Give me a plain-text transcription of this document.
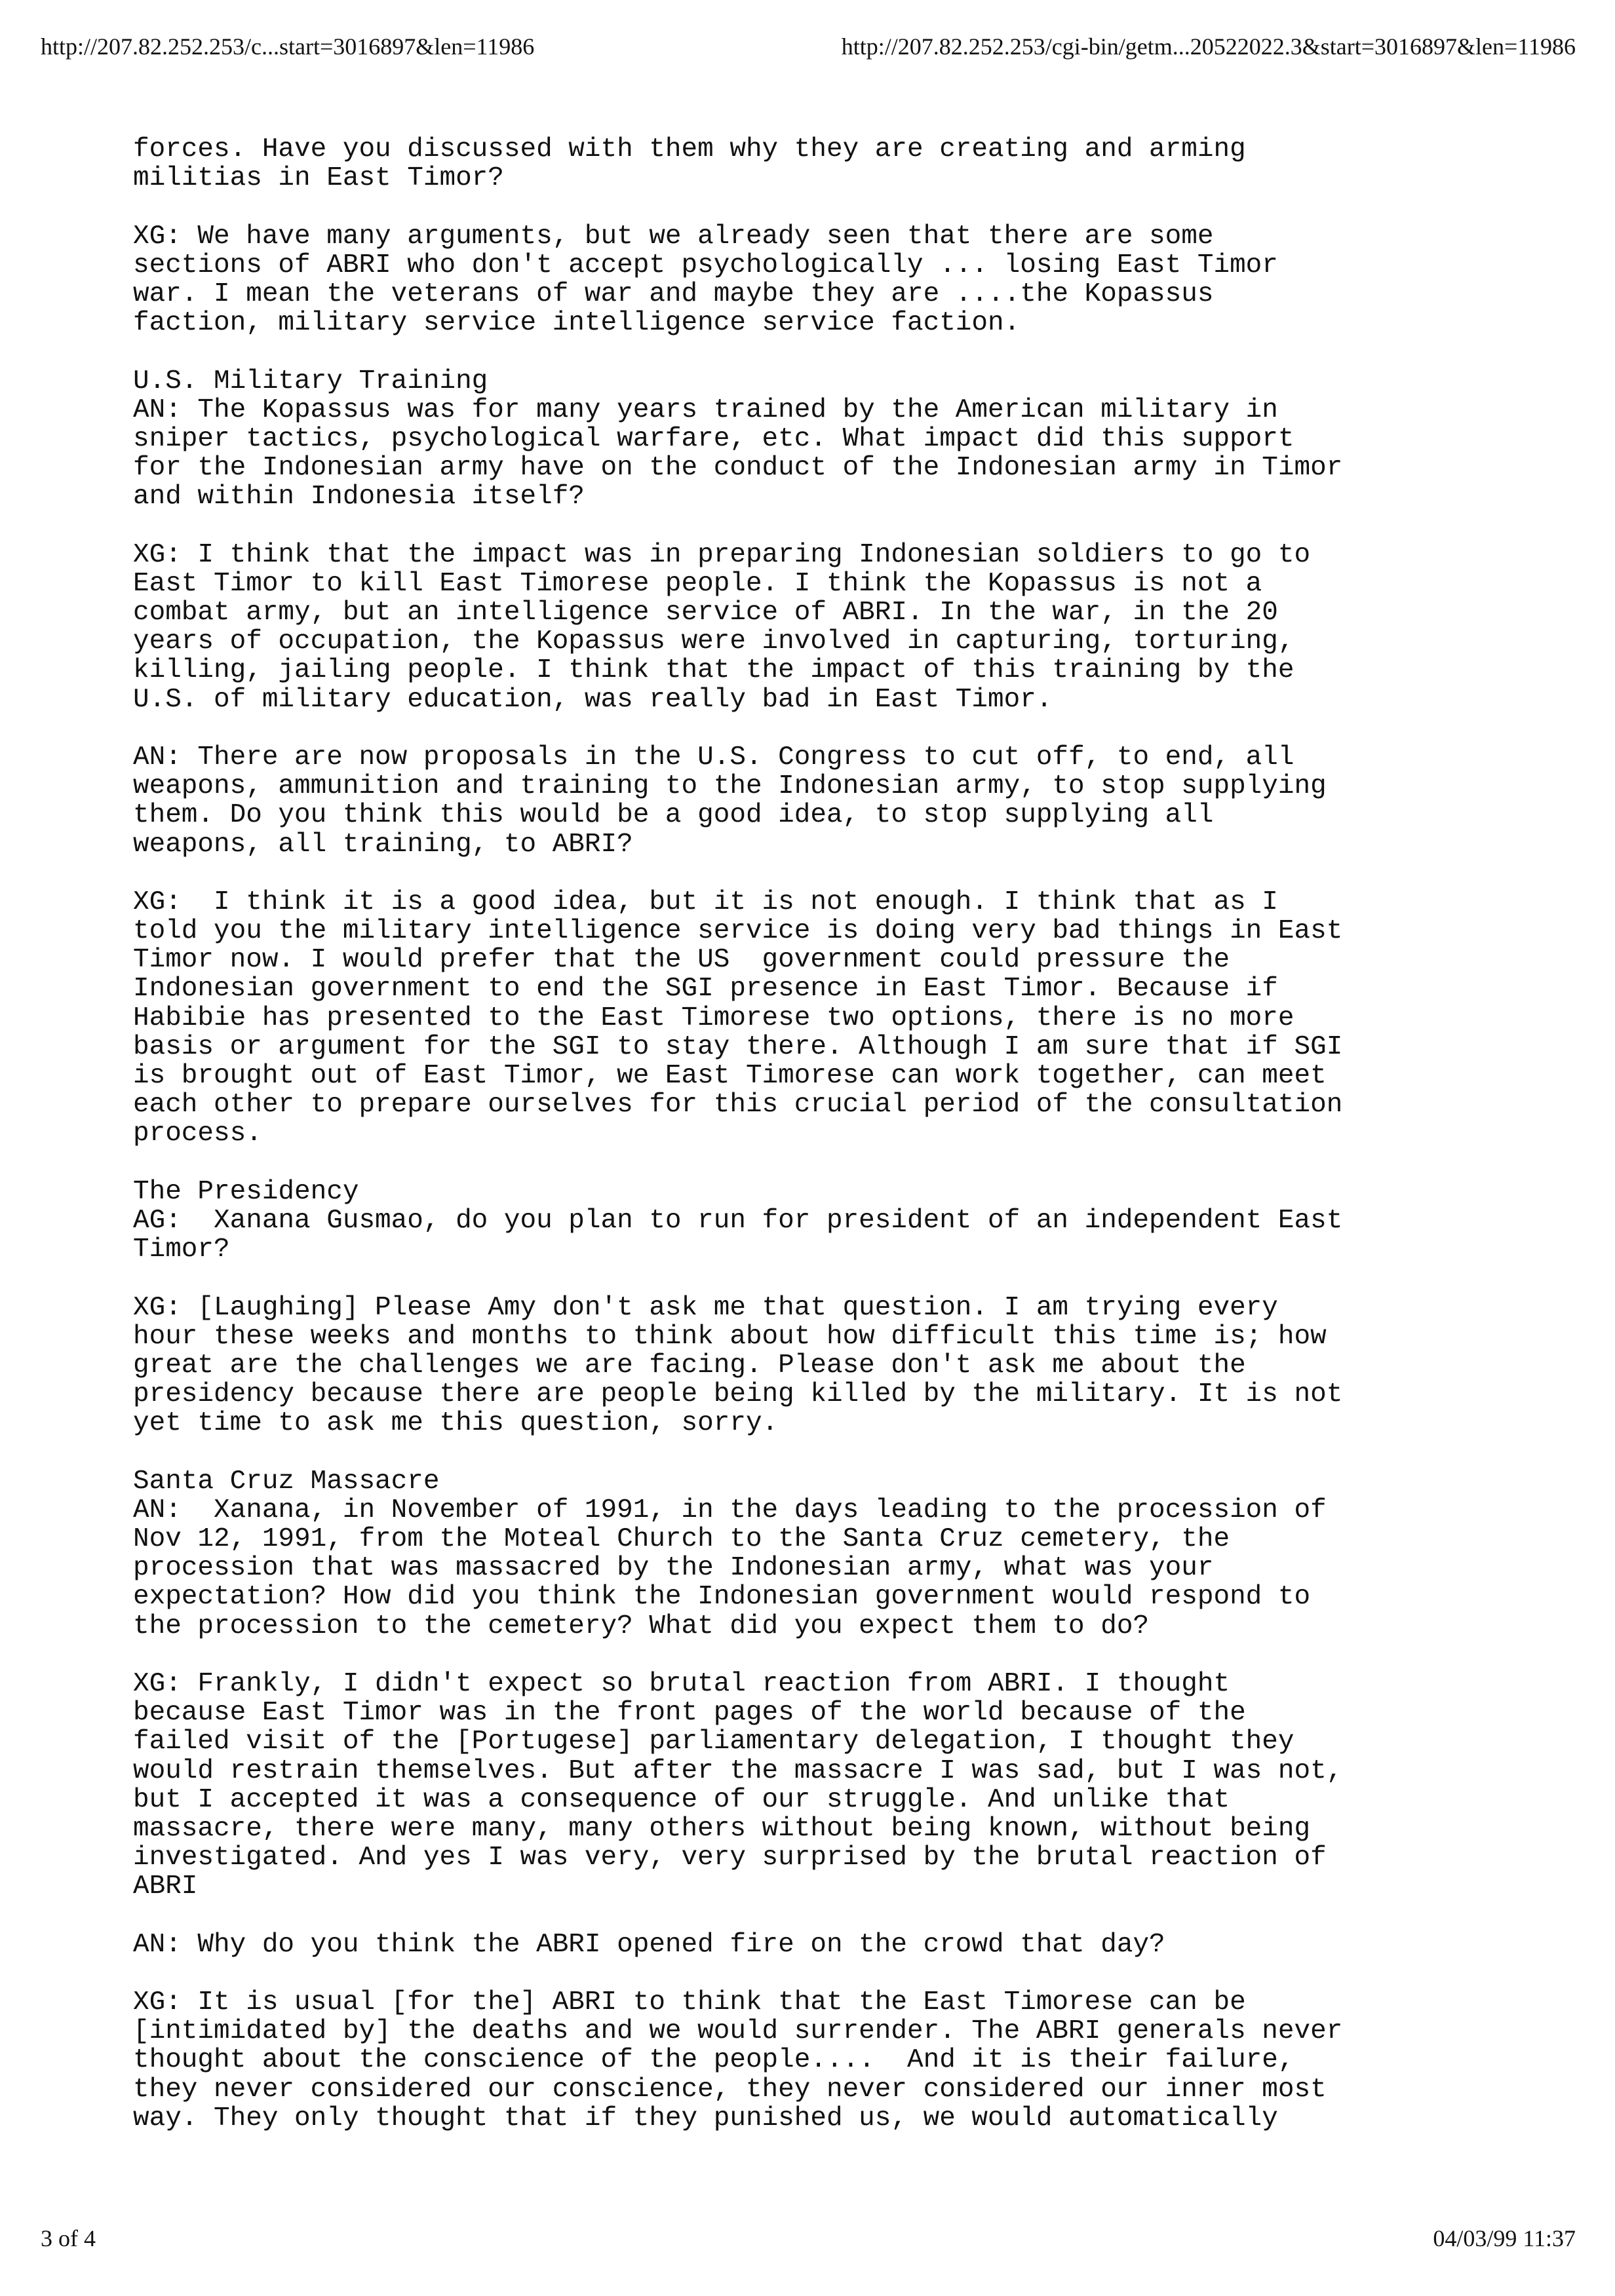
http://207.82.252.253/c...start=3016897&len=11986	http://207.82.252.253/cgi-bin/getm...20522022.3&start=3016897&len=11986
forces. Have you discussed with them why they are creating and arming
militias in East Timor?
XG: We have many arguments, but we already seen that there are some
sections of ABRI who don't accept psychologically ... losing East Timor
war. I mean the veterans of war and maybe they are ....the Kopassus
faction, military service intelligence service faction.
U.S. Military Training
AN: The Kopassus was for many years trained by the American military in
sniper tactics, psychological warfare, etc. What impact did this support
for the Indonesian army have on the conduct of the Indonesian army in Timor
and within Indonesia itself?
XG: I think that the impact was in preparing Indonesian soldiers to go to
East Timor to kill East Timorese people. I think the Kopassus is not a
combat army, but an intelligence service of ABRI. In the war, in the 20
years of occupation, the Kopassus were involved in capturing, torturing,
killing, jailing people. I think that the impact of this training by the
U.S. of military education, was really bad in East Timor.
AN: There are now proposals in the U.S. Congress to cut off, to end, all
weapons, ammunition and training to the Indonesian army, to stop supplying
them. Do you think this would be a good idea, to stop supplying all
weapons, all training, to ABRI?
XG:  I think it is a good idea, but it is not enough. I think that as I
told you the military intelligence service is doing very bad things in East
Timor now. I would prefer that the US  government could pressure the
Indonesian government to end the SGI presence in East Timor. Because if
Habibie has presented to the East Timorese two options, there is no more
basis or argument for the SGI to stay there. Although I am sure that if SGI
is brought out of East Timor, we East Timorese can work together, can meet
each other to prepare ourselves for this crucial period of the consultation
process.
The Presidency
AG:  Xanana Gusmao, do you plan to run for president of an independent East
Timor?
XG: [Laughing] Please Amy don't ask me that question. I am trying every
hour these weeks and months to think about how difficult this time is; how
great are the challenges we are facing. Please don't ask me about the
presidency because there are people being killed by the military. It is not
yet time to ask me this question, sorry.
Santa Cruz Massacre
AN:  Xanana, in November of 1991, in the days leading to the procession of
Nov 12, 1991, from the Moteal Church to the Santa Cruz cemetery, the
procession that was massacred by the Indonesian army, what was your
expectation? How did you think the Indonesian government would respond to
the procession to the cemetery? What did you expect them to do?
XG: Frankly, I didn't expect so brutal reaction from ABRI. I thought
because East Timor was in the front pages of the world because of the
failed visit of the [Portugese] parliamentary delegation, I thought they
would restrain themselves. But after the massacre I was sad, but I was not,
but I accepted it was a consequence of our struggle. And unlike that
massacre, there were many, many others without being known, without being
investigated. And yes I was very, very surprised by the brutal reaction of
ABRI
AN: Why do you think the ABRI opened fire on the crowd that day?
XG: It is usual [for the] ABRI to think that the East Timorese can be
[intimidated by] the deaths and we would surrender. The ABRI generals never
thought about the conscience of the people....  And it is their failure,
they never considered our conscience, they never considered our inner most
way. They only thought that if they punished us, we would automatically
3 of 4	04/03/99 11:37
